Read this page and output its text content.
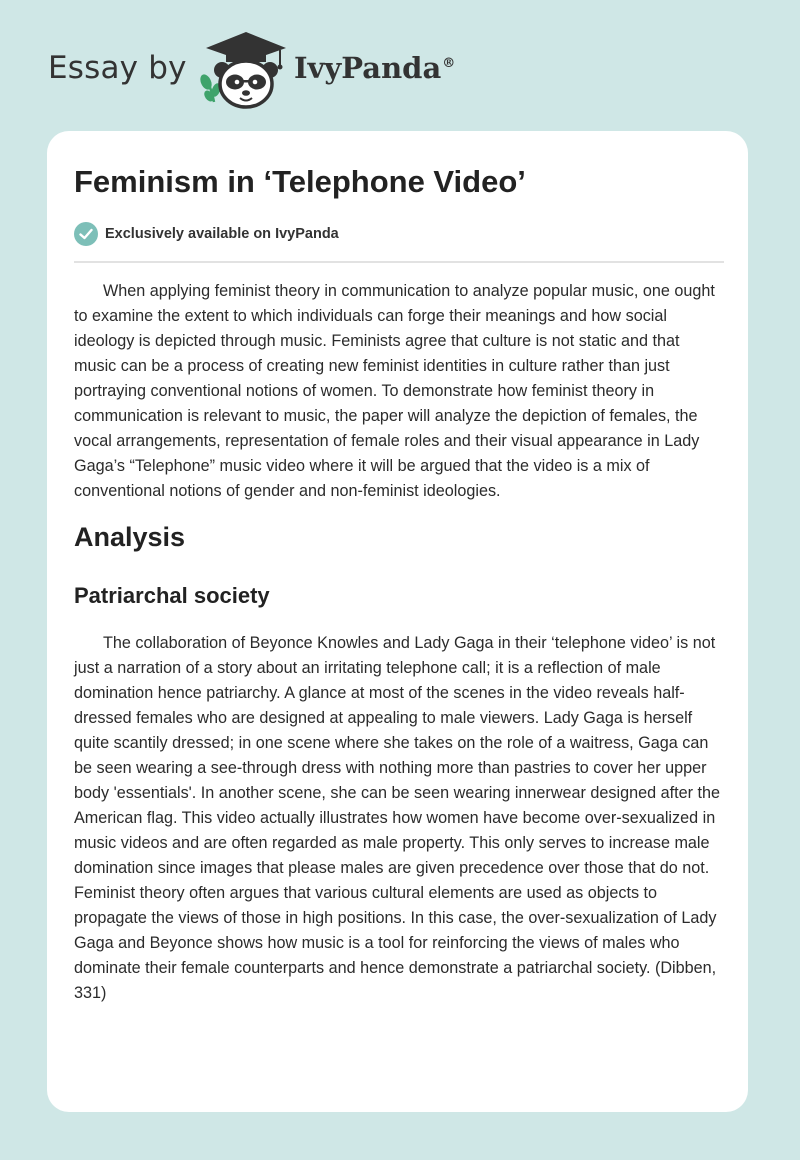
Essay by	IvyPanda®
Feminism in ‘Telephone Video’
Exclusively available on IvyPanda

When applying feminist theory in communication to analyze popular music, one ought to examine the extent to which individuals can forge their meanings and how social ideology is depicted through music. Feminists agree that culture is not static and that music can be a process of creating new feminist identities in culture rather than just portraying conventional notions of women. To demonstrate how feminist theory in communication is relevant to music, the paper will analyze the depiction of females, the vocal arrangements, representation of female roles and their visual appearance in Lady Gaga’s “Telephone” music video where it will be argued that the video is a mix of conventional notions of gender and non-feminist ideologies.

Analysis
Patriarchal society

The collaboration of Beyonce Knowles and Lady Gaga in their ‘telephone video’ is not just a narration of a story about an irritating telephone call; it is a reflection of male domination hence patriarchy. A glance at most of the scenes in the video reveals half-dressed females who are designed at appealing to male viewers. Lady Gaga is herself quite scantily dressed; in one scene where she takes on the role of a waitress, Gaga can be seen wearing a see-through dress with nothing more than pastries to cover her upper body 'essentials'. In another scene, she can be seen wearing innerwear designed after the American flag. This video actually illustrates how women have become over-sexualized in music videos and are often regarded as male property. This only serves to increase male domination since images that please males are given precedence over those that do not. Feminist theory often argues that various cultural elements are used as objects to propagate the views of those in high positions. In this case, the over-sexualization of Lady Gaga and Beyonce shows how music is a tool for reinforcing the views of males who dominate their female counterparts and hence demonstrate a patriarchal society. (Dibben, 331)
